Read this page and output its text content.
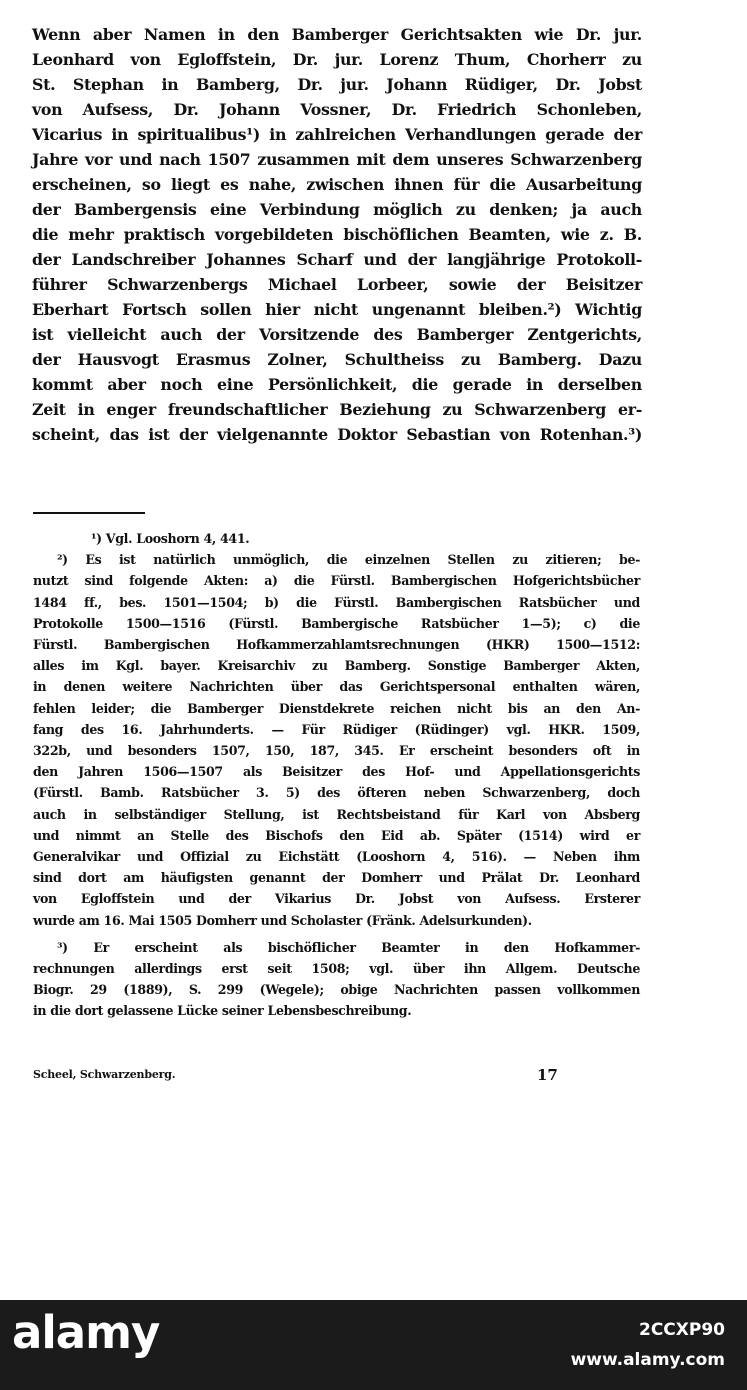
Wenn aber Namen in den Bamberger Gerichtsakten wie Dr. jur.
Leonhard von Egloffstein, Dr. jur. Lorenz Thum, Chorherr zu
St. Stephan in Bamberg, Dr. jur. Johann Rüdiger, Dr. Jobst
von Aufsess, Dr. Johann Vossner, Dr. Friedrich Schonleben,
Vicarius in spiritualibus¹) in zahlreichen Verhandlungen gerade der
Jahre vor und nach 1507 zusammen mit dem unseres Schwarzenberg
erscheinen, so liegt es nahe, zwischen ihnen für die Ausarbeitung
der Bambergensis eine Verbindung möglich zu denken; ja auch
die mehr praktisch vorgebildeten bischöflichen Beamten, wie z. B.
der Landschreiber Johannes Scharf und der langjährige Protokoll-
führer Schwarzenbergs Michael Lorbeer, sowie der Beisitzer
Eberhart Fortsch sollen hier nicht ungenannt bleiben.²) Wichtig
ist vielleicht auch der Vorsitzende des Bamberger Zentgerichts,
der Hausvogt Erasmus Zolner, Schultheiss zu Bamberg. Dazu
kommt aber noch eine Persönlichkeit, die gerade in derselben
Zeit in enger freundschaftlicher Beziehung zu Schwarzenberg er-
scheint, das ist der vielgenannte Doktor Sebastian von Rotenhan.³)
¹) Vgl. Looshorn 4, 441.
²) Es ist natürlich unmöglich, die einzelnen Stellen zu zitieren; be-
nutzt sind folgende Akten: a) die Fürstl. Bambergischen Hofgerichtsbücher
1484 ff., bes. 1501—1504; b) die Fürstl. Bambergischen Ratsbücher und
Protokolle 1500—1516 (Fürstl. Bambergische Ratsbücher 1—5); c) die
Fürstl. Bambergischen Hofkammerzahlamtsrechnungen (HKR) 1500—1512:
alles im Kgl. bayer. Kreisarchiv zu Bamberg. Sonstige Bamberger Akten,
in denen weitere Nachrichten über das Gerichtspersonal enthalten wären,
fehlen leider; die Bamberger Dienstdekrete reichen nicht bis an den An-
fang des 16. Jahrhunderts. — Für Rüdiger (Rüdinger) vgl. HKR. 1509,
322b, und besonders 1507, 150, 187, 345. Er erscheint besonders oft in
den Jahren 1506—1507 als Beisitzer des Hof- und Appellationsgerichts
(Fürstl. Bamb. Ratsbücher 3. 5) des öfteren neben Schwarzenberg, doch
auch in selbständiger Stellung, ist Rechtsbeistand für Karl von Absberg
und nimmt an Stelle des Bischofs den Eid ab. Später (1514) wird er
Generalvikar und Offizial zu Eichstätt (Looshorn 4, 516). — Neben ihm
sind dort am häufigsten genannt der Domherr und Prälat Dr. Leonhard
von Egloffstein und der Vikarius Dr. Jobst von Aufsess. Ersterer
wurde am 16. Mai 1505 Domherr und Scholaster (Fränk. Adelsurkunden).
³) Er erscheint als bischöflicher Beamter in den Hofkammer-
rechnungen allerdings erst seit 1508; vgl. über ihn Allgem. Deutsche
Biogr. 29 (1889), S. 299 (Wegele); obige Nachrichten passen vollkommen
in die dort gelassene Lücke seiner Lebensbeschreibung.
Scheel, Schwarzenberg.	17
alamy	2CCXP90
www.alamy.com
